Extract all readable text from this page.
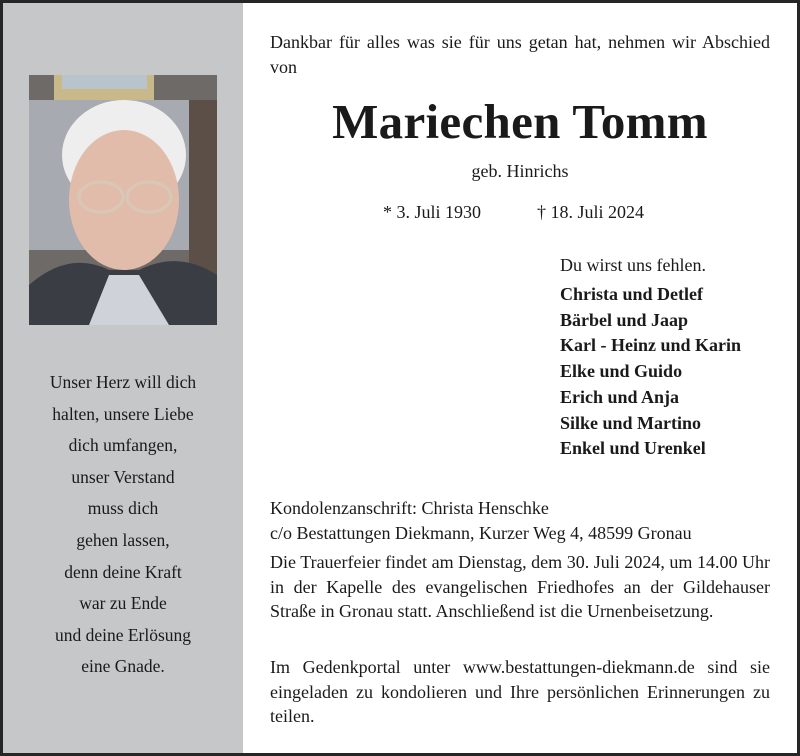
Unser Herz will dich
halten, unsere Liebe
dich umfangen,
unser Verstand
muss dich
gehen lassen,
denn deine Kraft
war zu Ende
und deine Erlösung
eine Gnade.
Dankbar für alles was sie für uns getan hat, nehmen wir Abschied von
Mariechen Tomm
geb. Hinrichs
* 3. Juli 1930	† 18. Juli 2024
Du wirst uns fehlen.
Christa und Detlef
Bärbel und Jaap
Karl - Heinz und Karin
Elke und Guido
Erich und Anja
Silke und Martino
Enkel und Urenkel
Kondolenzanschrift: Christa Henschke
c/o Bestattungen Diekmann, Kurzer Weg 4, 48599 Gronau
Die Trauerfeier findet am Dienstag, dem 30. Juli 2024, um 14.00 Uhr in der Kapelle des evangelischen Friedhofes an der Gildehauser Straße in Gronau statt. Anschließend ist die Urnenbeisetzung.
Im Gedenkportal unter www.bestattungen-diekmann.de sind sie eingeladen zu kondolieren und Ihre persönlichen Erinnerungen zu teilen.
